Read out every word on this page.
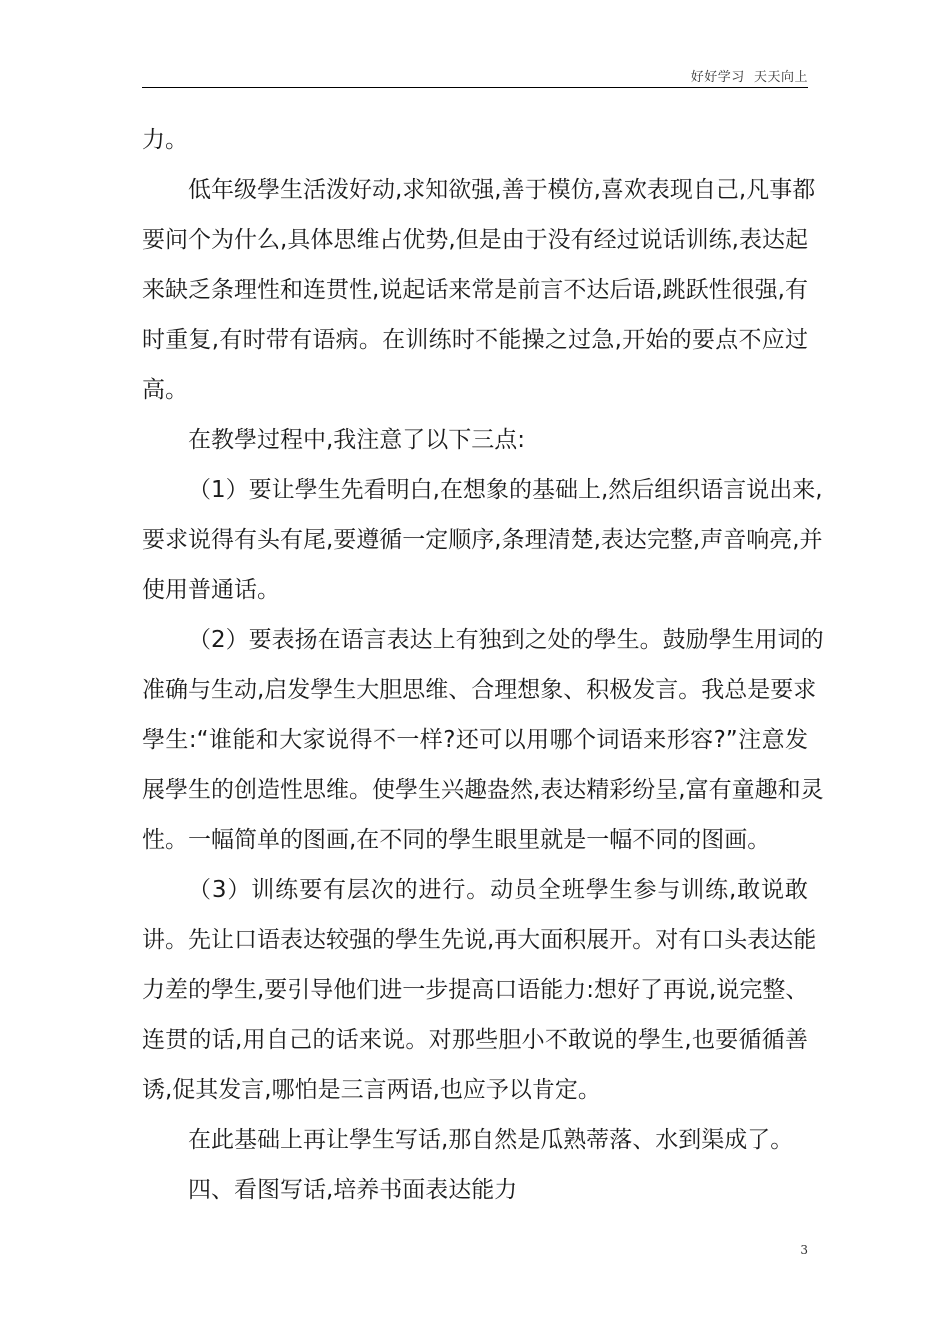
好好学习  天天向上
力。
低年级學生活泼好动,求知欲强,善于模仿,喜欢表现自己,凡事都
要问个为什么,具体思维占优势,但是由于没有经过说话训练,表达起
来缺乏条理性和连贯性,说起话来常是前言不达后语,跳跃性很强,有
时重复,有时带有语病。在训练时不能操之过急,开始的要点不应过
高。
在教學过程中,我注意了以下三点:
（1）要让學生先看明白,在想象的基础上,然后组织语言说出来,
要求说得有头有尾,要遵循一定顺序,条理清楚,表达完整,声音响亮,并
使用普通话。
（2）要表扬在语言表达上有独到之处的學生。鼓励學生用词的
准确与生动,启发學生大胆思维、合理想象、积极发言。我总是要求
學生:“谁能和大家说得不一样?还可以用哪个词语来形容?”注意发
展學生的创造性思维。使學生兴趣盎然,表达精彩纷呈,富有童趣和灵
性。一幅简单的图画,在不同的學生眼里就是一幅不同的图画。
（3）训练要有层次的进行。动员全班學生参与训练,敢说敢
讲。先让口语表达较强的學生先说,再大面积展开。对有口头表达能
力差的學生,要引导他们进一步提高口语能力:想好了再说,说完整、
连贯的话,用自己的话来说。对那些胆小不敢说的學生,也要循循善
诱,促其发言,哪怕是三言两语,也应予以肯定。
在此基础上再让學生写话,那自然是瓜熟蒂落、水到渠成了。
四、看图写话,培养书面表达能力
3
